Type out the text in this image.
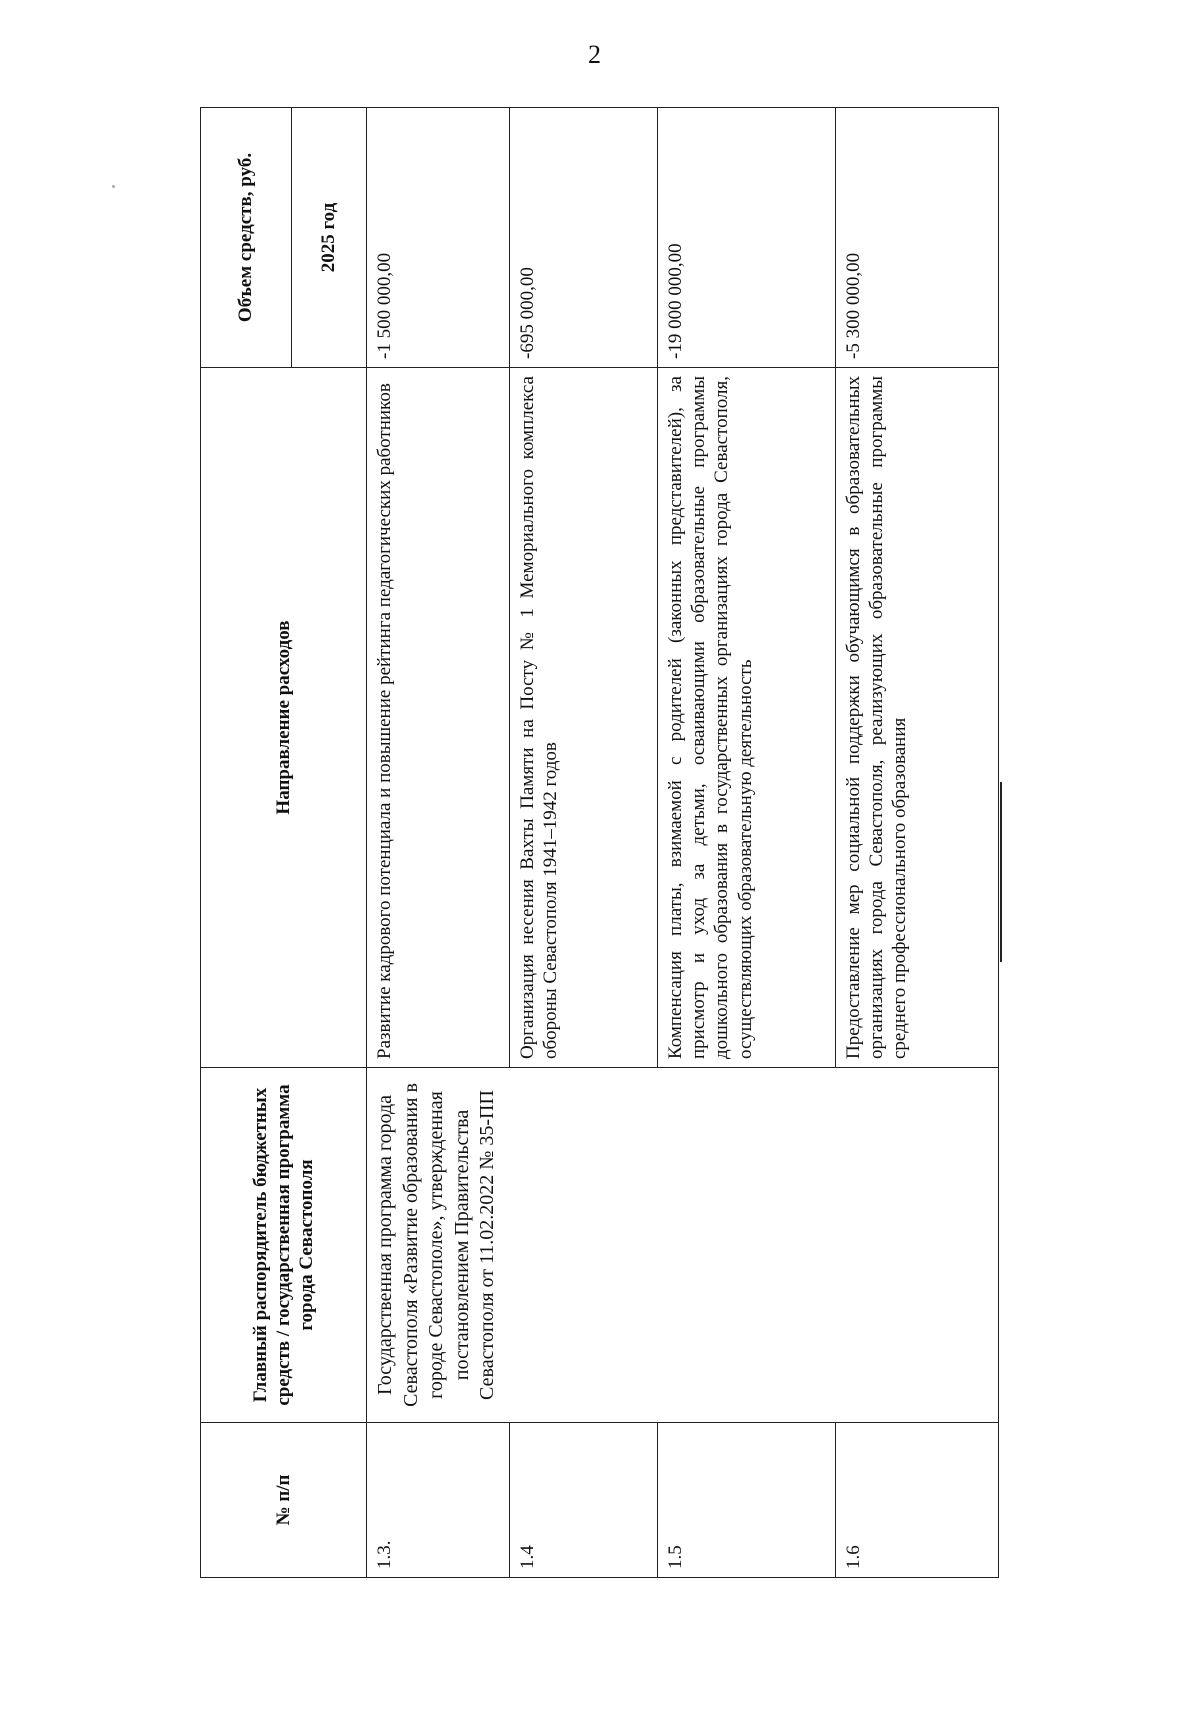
2
№ п/п	Главный распорядитель бюджетных средств / государственная программа города Севастополя	Направление расходов	Объем средств, руб.
			2025 год
1.3.	Государственная программа города Севастополя «Развитие образования в городе Севастополе», утвержденная постановлением Правительства Севастополя от 11.02.2022 № 35-ПП	Развитие кадрового потенциала и повышение рейтинга педагогических работников	-1 500 000,00
1.4		Организация несения Вахты Памяти на Посту № 1 Мемориального комплекса обороны Севастополя 1941–1942 годов	-695 000,00
1.5		Компенсация платы, взимаемой с родителей (законных представителей), за присмотр и уход за детьми, осваивающими образовательные программы дошкольного образования в государственных организациях города Севастополя, осуществляющих образовательную деятельность	-19 000 000,00
1.6		Предоставление мер социальной поддержки обучающимся в образовательных организациях города Севастополя, реализующих образовательные программы среднего профессионального образования	-5 300 000,00
